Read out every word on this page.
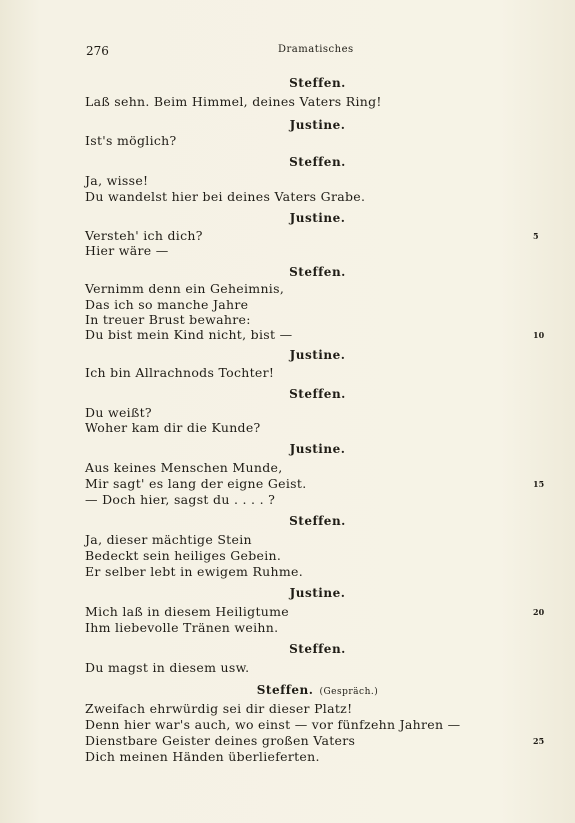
276	Dramatisches
Steffen.
Laß sehn. Beim Himmel, deines Vaters Ring!
Justine.
Ist's möglich?
Steffen.
Ja, wisse!
Du wandelst hier bei deines Vaters Grabe.
Justine.
Versteh' ich dich?	5
Hier wäre —
Steffen.
Vernimm denn ein Geheimnis,
Das ich so manche Jahre
In treuer Brust bewahre:
Du bist mein Kind nicht, bist —	10
Justine.
Ich bin Allrachnods Tochter!
Steffen.
Du weißt?
Woher kam dir die Kunde?
Justine.
Aus keines Menschen Munde,
Mir sagt' es lang der eigne Geist.	15
— Doch hier, sagst du . . . . ?
Steffen.
Ja, dieser mächtige Stein
Bedeckt sein heiliges Gebein.
Er selber lebt in ewigem Ruhme.
Justine.
Mich laß in diesem Heiligtume	20
Ihm liebevolle Tränen weihn.
Steffen.
Du magst in diesem usw.
Steffen. (Gespräch.)
Zweifach ehrwürdig sei dir dieser Platz!
Denn hier war's auch, wo einst — vor fünfzehn Jahren —
Dienstbare Geister deines großen Vaters	25
Dich meinen Händen überlieferten.
